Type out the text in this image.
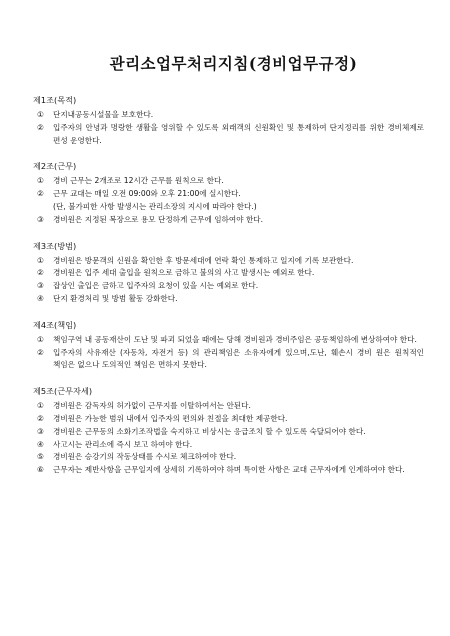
관리소업무처리지침(경비업무규정)
제1조(목적)
①	단지내공동시설물을 보호한다.
②	입주자의 안녕과 명랑한 생활을 영위할 수 있도록 외래객의 신원확인 및 통제하여 단지정리를 위한 경비체제로 편성 운영한다.
제2조(근무)
①	경비 근무는 2개조로 12시간 근무를 원칙으로 한다.
②	근무 교대는 매일 오전 09:00와 오후 21:00에 실시한다.
(단, 불가피한 사항 발생시는 관리소장의 지시에 따라야 한다.)
③	경비원은 지정된 복장으로 용모 단정하게 근무에 임하여야 한다.
제3조(방범)
①	경비원은 방문객의 신원을 확인한 후 방문세대에 연락 확인 통제하고 일지에 기록 보관한다.
②	경비원은 입주 세대 출입을 원칙으로 금하고 불의의 사고 발생시는 예외로 한다.
③	잡상인 출입은 금하고 입주자의 요청이 있을 시는 예외로 한다.
④	단지 환경처리 및 방범 활동 강화한다.
제4조(책임)
①	책임구역 내 공동재산이 도난 및 파괴 되었을 때에는 당해 경비원과 경비주임은 공동책임하에 변상하여야 한다.
②	입주자의 사유재산 (자동차, 자전거 등) 의 관리책임은 소유자에게 있으며,도난, 훼손시 경비 원은 원칙적인 책임은 없으나 도의적인 책임은 면하지 못한다.
제5조(근무자세)
①	경비원은 감독자의 허가없이 근무지를 이탈하여서는 안된다.
②	경비원은 가능한 범위 내에서 입주자의 편의와 친절을 최대한 제공한다.
③	경비원은 근무동의 소화기조작법을 숙지하고 비상시는 응급조치 할 수 있도록 숙달되어야 한다.
④	사고시는 관리소에 즉시 보고 하여야 한다.
⑤	경비원은 승강기의 작동상태를 수시로 체크하여야 한다.
⑥	근무자는 제반사항을 근무일지에 상세히 기록하여야 하며 특이한 사항은 교대 근무자에게 인계하여야 한다.
